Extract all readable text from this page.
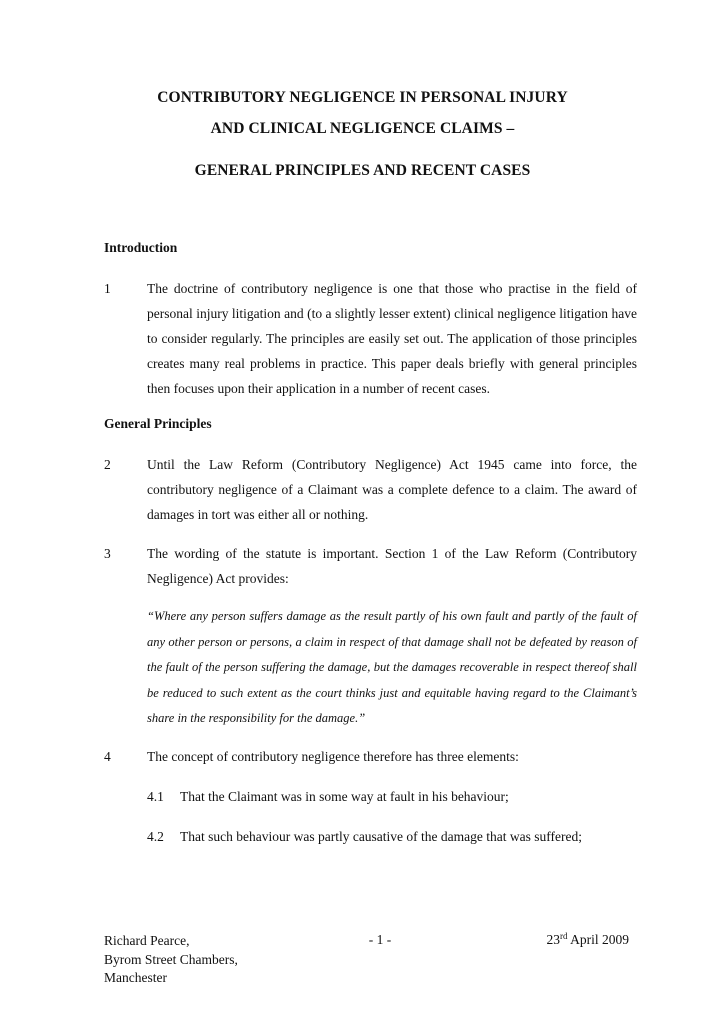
CONTRIBUTORY NEGLIGENCE IN PERSONAL INJURY
AND CLINICAL NEGLIGENCE CLAIMS –
GENERAL PRINCIPLES AND RECENT CASES
Introduction
1	The doctrine of contributory negligence is one that those who practise in the field of personal injury litigation and (to a slightly lesser extent) clinical negligence litigation have to consider regularly. The principles are easily set out. The application of those principles creates many real problems in practice. This paper deals briefly with general principles then focuses upon their application in a number of recent cases.
General Principles
2	Until the Law Reform (Contributory Negligence) Act 1945 came into force, the contributory negligence of a Claimant was a complete defence to a claim. The award of damages in tort was either all or nothing.
3	The wording of the statute is important. Section 1 of the Law Reform (Contributory Negligence) Act provides:
“Where any person suffers damage as the result partly of his own fault and partly of the fault of any other person or persons, a claim in respect of that damage shall not be defeated by reason of the fault of the person suffering the damage, but the damages recoverable in respect thereof shall be reduced to such extent as the court thinks just and equitable having regard to the Claimant’s share in the responsibility for the damage.”
4	The concept of contributory negligence therefore has three elements:
4.1 That the Claimant was in some way at fault in his behaviour;
4.2 That such behaviour was partly causative of the damage that was suffered;
Richard Pearce,
Byrom Street Chambers,
Manchester
- 1 -	23rd April 2009
